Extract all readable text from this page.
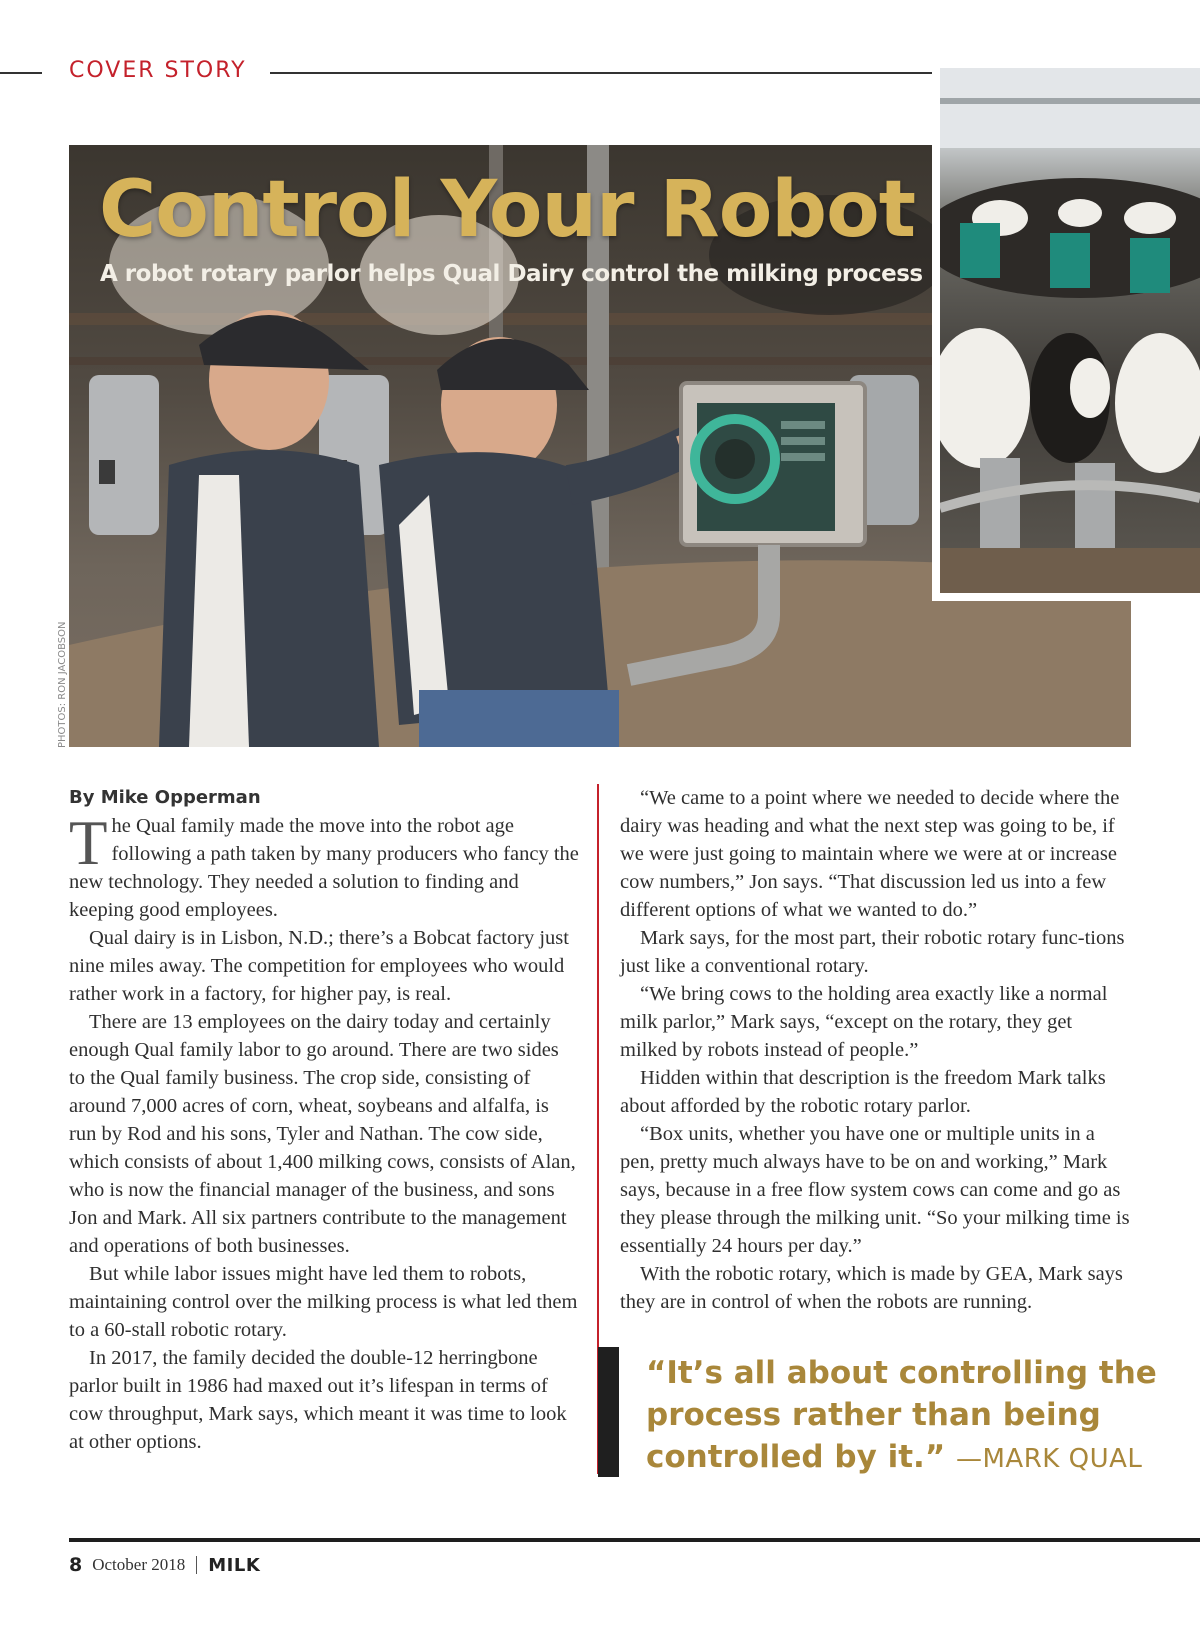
COVER STORY
Control Your Robot
A robot rotary parlor helps Qual Dairy control the milking process
PHOTOS: RON JACOBSON

By Mike Opperman

The Qual family made the move into the robot age following a path taken by many producers who fancy the new technology. They needed a solution to finding and keeping good employees.

Qual dairy is in Lisbon, N.D.; there’s a Bobcat factory just nine miles away. The competition for employees who would rather work in a factory, for higher pay, is real.

There are 13 employees on the dairy today and certainly enough Qual family labor to go around. There are two sides to the Qual family business. The crop side, consisting of around 7,000 acres of corn, wheat, soybeans and alfalfa, is run by Rod and his sons, Tyler and Nathan. The cow side, which consists of about 1,400 milking cows, consists of Alan, who is now the financial manager of the business, and sons Jon and Mark. All six partners contribute to the management and operations of both businesses.

But while labor issues might have led them to robots, maintaining control over the milking process is what led them to a 60-stall robotic rotary.

In 2017, the family decided the double-12 herringbone parlor built in 1986 had maxed out it’s lifespan in terms of cow throughput, Mark says, which meant it was time to look at other options.

“We came to a point where we needed to decide where the dairy was heading and what the next step was going to be, if we were just going to maintain where we were at or increase cow numbers,” Jon says. “That discussion led us into a few different options of what we wanted to do.”

Mark says, for the most part, their robotic rotary func-tions just like a conventional rotary.

“We bring cows to the holding area exactly like a normal milk parlor,” Mark says, “except on the rotary, they get milked by robots instead of people.”

Hidden within that description is the freedom Mark talks about afforded by the robotic rotary parlor.

“Box units, whether you have one or multiple units in a pen, pretty much always have to be on and working,” Mark says, because in a free flow system cows can come and go as they please through the milking unit. “So your milking time is essentially 24 hours per day.”

With the robotic rotary, which is made by GEA, Mark says they are in control of when the robots are running.

“It’s all about controlling the process rather than being controlled by it.” —MARK QUAL
8 October 2018 MILK
